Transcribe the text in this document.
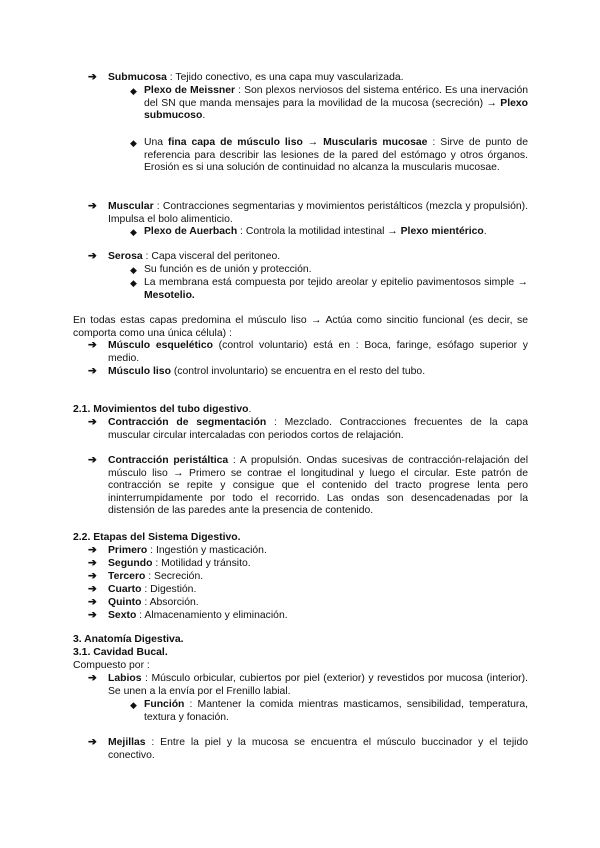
➔ Submucosa : Tejido conectivo, es una capa muy vascularizada.
◆ Plexo de Meissner : Son plexos nerviosos del sistema entérico. Es una inervación del SN que manda mensajes para la movilidad de la mucosa (secreción) → Plexo submucoso.
◆ Una fina capa de músculo liso → Muscularis mucosae : Sirve de punto de referencia para describir las lesiones de la pared del estómago y otros órganos. Erosión es si una solución de continuidad no alcanza la muscularis mucosae.
➔ Muscular : Contracciones segmentarias y movimientos peristálticos (mezcla y propulsión). Impulsa el bolo alimenticio.
◆ Plexo de Auerbach : Controla la motilidad intestinal → Plexo mientérico.
➔ Serosa : Capa visceral del peritoneo.
◆ Su función es de unión y protección.
◆ La membrana está compuesta por tejido areolar y epitelio pavimentosos simple → Mesotelio.
En todas estas capas predomina el músculo liso → Actúa como sincitio funcional (es decir, se comporta como una única célula) :
➔ Músculo esquelético (control voluntario) está en : Boca, faringe, esófago superior y medio.
➔ Músculo liso (control involuntario) se encuentra en el resto del tubo.
2.1. Movimientos del tubo digestivo.
➔ Contracción de segmentación : Mezclado. Contracciones frecuentes de la capa muscular circular intercaladas con periodos cortos de relajación.
➔ Contracción peristáltica : A propulsión. Ondas sucesivas de contracción-relajación del músculo liso → Primero se contrae el longitudinal y luego el circular. Este patrón de contracción se repite y consigue que el contenido del tracto progrese lenta pero ininterrumpidamente por todo el recorrido. Las ondas son desencadenadas por la distensión de las paredes ante la presencia de contenido.
2.2. Etapas del Sistema Digestivo.
➔ Primero : Ingestión y masticación.
➔ Segundo : Motilidad y tránsito.
➔ Tercero : Secreción.
➔ Cuarto : Digestión.
➔ Quinto : Absorción.
➔ Sexto : Almacenamiento y eliminación.
3. Anatomía Digestiva.
3.1. Cavidad Bucal.
Compuesto por :
➔ Labios : Músculo orbicular, cubiertos por piel (exterior) y revestidos por mucosa (interior). Se unen a la envía por el Frenillo labial.
◆ Función : Mantener la comida mientras masticamos, sensibilidad, temperatura, textura y fonación.
➔ Mejillas : Entre la piel y la mucosa se encuentra el músculo buccinador y el tejido conectivo.
